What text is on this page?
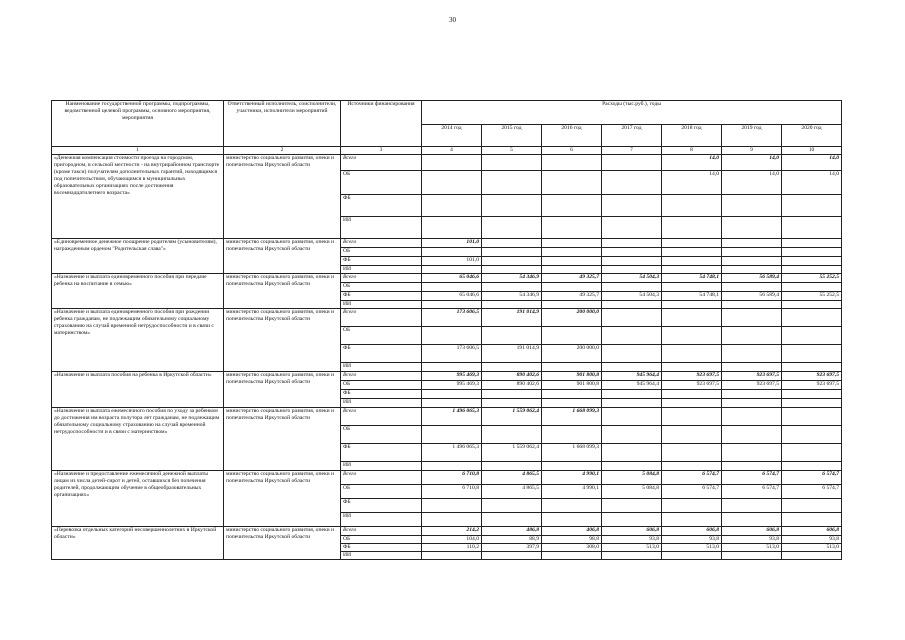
30
Наименование государственной программы, подпрограммы, ведомственной целевой программы, основного мероприятия, мероприятия	Ответственный исполнитель, соисполнители, участники, исполнители мероприятий	Источники финансирования	Расходы (тыс.руб.), годы						
			2014 год	2015 год	2016 год	2017 год	2018 год	2019 год	2020 год
1	2	3	4	5	6	7	8	9	10
«Денежная компенсация стоимости проезда на городском, пригородном, в сельской местности - на внутрирайонном транспорте (кроме такси) получателям дополнительных гарантий, находящимся под попечительством, обучающимся в муниципальных образовательных организациях после достижения восемнадцатилетнего возраста»	министерство социального развития, опеки и попечительства Иркутской области	Всего					14,0	14,0	14,0
		ОБ					14,0	14,0	14,0
		ФБ							
		ИИ							
«Единовременное денежное поощрение родителям (усыновителям), награжденным орденом "Родительская слава"»	министерство социального развития, опеки и попечительства Иркутской области	Всего	101,0						
		ОБ							
		ФБ	101,0						
		ИИ							
«Назначение и выплата единовременного пособия при передаче ребенка на воспитание в семью»	министерство социального развития, опеки и попечительства Иркутской области	Всего	65 046,6	54 346,9	49 325,7	54 504,3	54 748,1	56 589,4	55 252,5
		ОБ							
		ФБ	65 046,6	54 346,9	49 325,7	54 504,3	54 748,1	56 589,4	55 252,5
		ИИ							
«Назначение и выплата единовременного пособия при рождении ребенка гражданам, не подлежащим обязательному социальному страхованию на случай временной нетрудоспособности и в связи с материнством»	министерство социального развития, опеки и попечительства Иркутской области	Всего	173 606,5	191 014,9	200 000,0				
		ОБ							
		ФБ	173 606,5	191 014,9	200 000,0				
		ИИ							
«Назначение и выплата пособия на ребенка в Иркутской области»	министерство социального развития, опеки и попечительства Иркутской области	Всего	995 469,3	890 402,6	901 800,8	945 964,4	923 697,5	923 697,5	923 697,5
		ОБ	995 469,3	890 402,6	901 800,8	945 964,4	923 697,5	923 697,5	923 697,5
		ФБ							
		ИИ							
«Назначение и выплата ежемесячного пособия по уходу за ребенком до достижения им возраста полутора лет гражданам, не подлежащим обязательному социальному страхованию на случай временной нетрудоспособности и в связи с материнством»	министерство социального развития, опеки и попечительства Иркутской области	Всего	1 496 065,3	1 559 062,4	1 668 099,3				
		ОБ							
		ФБ	1 496 065,3	1 559 062,4	1 668 099,3				
		ИИ							
«Назначение и предоставление ежемесячной денежной выплаты лицам из числа детей-сирот и детей, оставшихся без попечения родителей, продолжающим обучение в общеобразовательных организациях»	министерство социального развития, опеки и попечительства Иркутской области	Всего	6 710,8	4 865,5	4 990,1	5 084,8	6 574,7	6 574,7	6 574,7
		ОБ	6 710,8	4 865,5	4 990,1	5 084,8	6 574,7	6 574,7	6 574,7
		ФБ							
		ИИ							
«Перевозка отдельных категорий несовершеннолетних в Иркутской области»	министерство социального развития, опеки и попечительства Иркутской области	Всего	214,2	486,8	406,8	606,8	606,8	606,8	606,8
		ОБ	104,0	88,9	98,8	93,8	93,8	93,8	93,8
		ФБ	110,2	397,9	308,0	513,0	513,0	513,0	513,0
		ИИ							
